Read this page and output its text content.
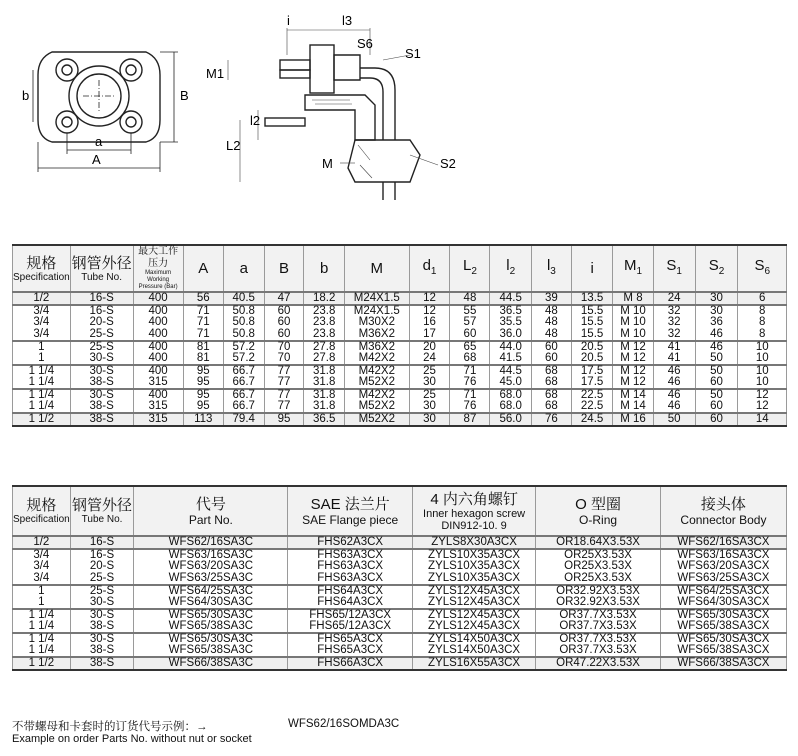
a
A
b	B
i	l3
S6
S1
M1
l2
L2
M	S2
规格
Specification	钢管外径
Tube No.	最大工作压力
Maximum Working
Pressure (Bar)	A	a	B	b	M	$d_1$	$L_2$	$l_2$	$l_3$	i	$M_1$	$S_1$	$S_2$	$S_6$
1/2	16-S	400	56	40.5	47	18.2	M24X1.5	12	48	44.5	39	13.5	M 8	24	30	6
3/4	16-S	400	71	50.8	60	23.8	M24X1.5	12	55	36.5	48	15.5	M 10	32	30	8
3/4	20-S	400	71	50.8	60	23.8	M30X2	16	57	35.5	48	15.5	M 10	32	36	8
3/4	25-S	400	71	50.8	60	23.8	M36X2	17	60	36.0	48	15.5	M 10	32	46	8
1	25-S	400	81	57.2	70	27.8	M36X2	20	65	44.0	60	20.5	M 12	41	46	10
1	30-S	400	81	57.2	70	27.8	M42X2	24	68	41.5	60	20.5	M 12	41	50	10
1 1/4	30-S	400	95	66.7	77	31.8	M42X2	25	71	44.5	68	17.5	M 12	46	50	10
1 1/4	38-S	315	95	66.7	77	31.8	M52X2	30	76	45.0	68	17.5	M 12	46	60	10
1 1/4	30-S	400	95	66.7	77	31.8	M42X2	25	71	68.0	68	22.5	M 14	46	50	12
1 1/4	38-S	315	95	66.7	77	31.8	M52X2	30	76	68.0	68	22.5	M 14	46	60	12
1 1/2	38-S	315	113	79.4	95	36.5	M52X2	30	87	56.0	76	24.5	M 16	50	60	14
规格
Specification	钢管外径
Tube No.	代号
Part No.	SAE 法兰片
SAE Flange piece	4 内六角螺钉
Inner hexagon screw
DIN912-10. 9	O 型圈
O-Ring	接头体
Connector Body

1/2	16-S	WFS62/16SA3C	FHS62A3CX	ZYLS8X30A3CX	OR18.64X3.53X	WFS62/16SA3CX
3/4	16-S	WFS63/16SA3C	FHS63A3CX	ZYLS10X35A3CX	OR25X3.53X	WFS63/16SA3CX
3/4	20-S	WFS63/20SA3C	FHS63A3CX	ZYLS10X35A3CX	OR25X3.53X	WFS63/20SA3CX
3/4	25-S	WFS63/25SA3C	FHS63A3CX	ZYLS10X35A3CX	OR25X3.53X	WFS63/25SA3CX
1	25-S	WFS64/25SA3C	FHS64A3CX	ZYLS12X45A3CX	OR32.92X3.53X	WFS64/25SA3CX
1	30-S	WFS64/30SA3C	FHS64A3CX	ZYLS12X45A3CX	OR32.92X3.53X	WFS64/30SA3CX
1 1/4	30-S	WFS65/30SA3C	FHS65/12A3CX	ZYLS12X45A3CX	OR37.7X3.53X	WFS65/30SA3CX
1 1/4	38-S	WFS65/38SA3C	FHS65/12A3CX	ZYLS12X45A3CX	OR37.7X3.53X	WFS65/38SA3CX
1 1/4	30-S	WFS65/30SA3C	FHS65A3CX	ZYLS14X50A3CX	OR37.7X3.53X	WFS65/30SA3CX
1 1/4	38-S	WFS65/38SA3C	FHS65A3CX	ZYLS14X50A3CX	OR37.7X3.53X	WFS65/38SA3CX
1 1/2	38-S	WFS66/38SA3C	FHS66A3CX	ZYLS16X55A3CX	OR47.22X3.53X	WFS66/38SA3CX
不带螺母和卡套时的订货代号示例：→
Example on order Parts No. without nut or socket
WFS62/16SOMDA3C
